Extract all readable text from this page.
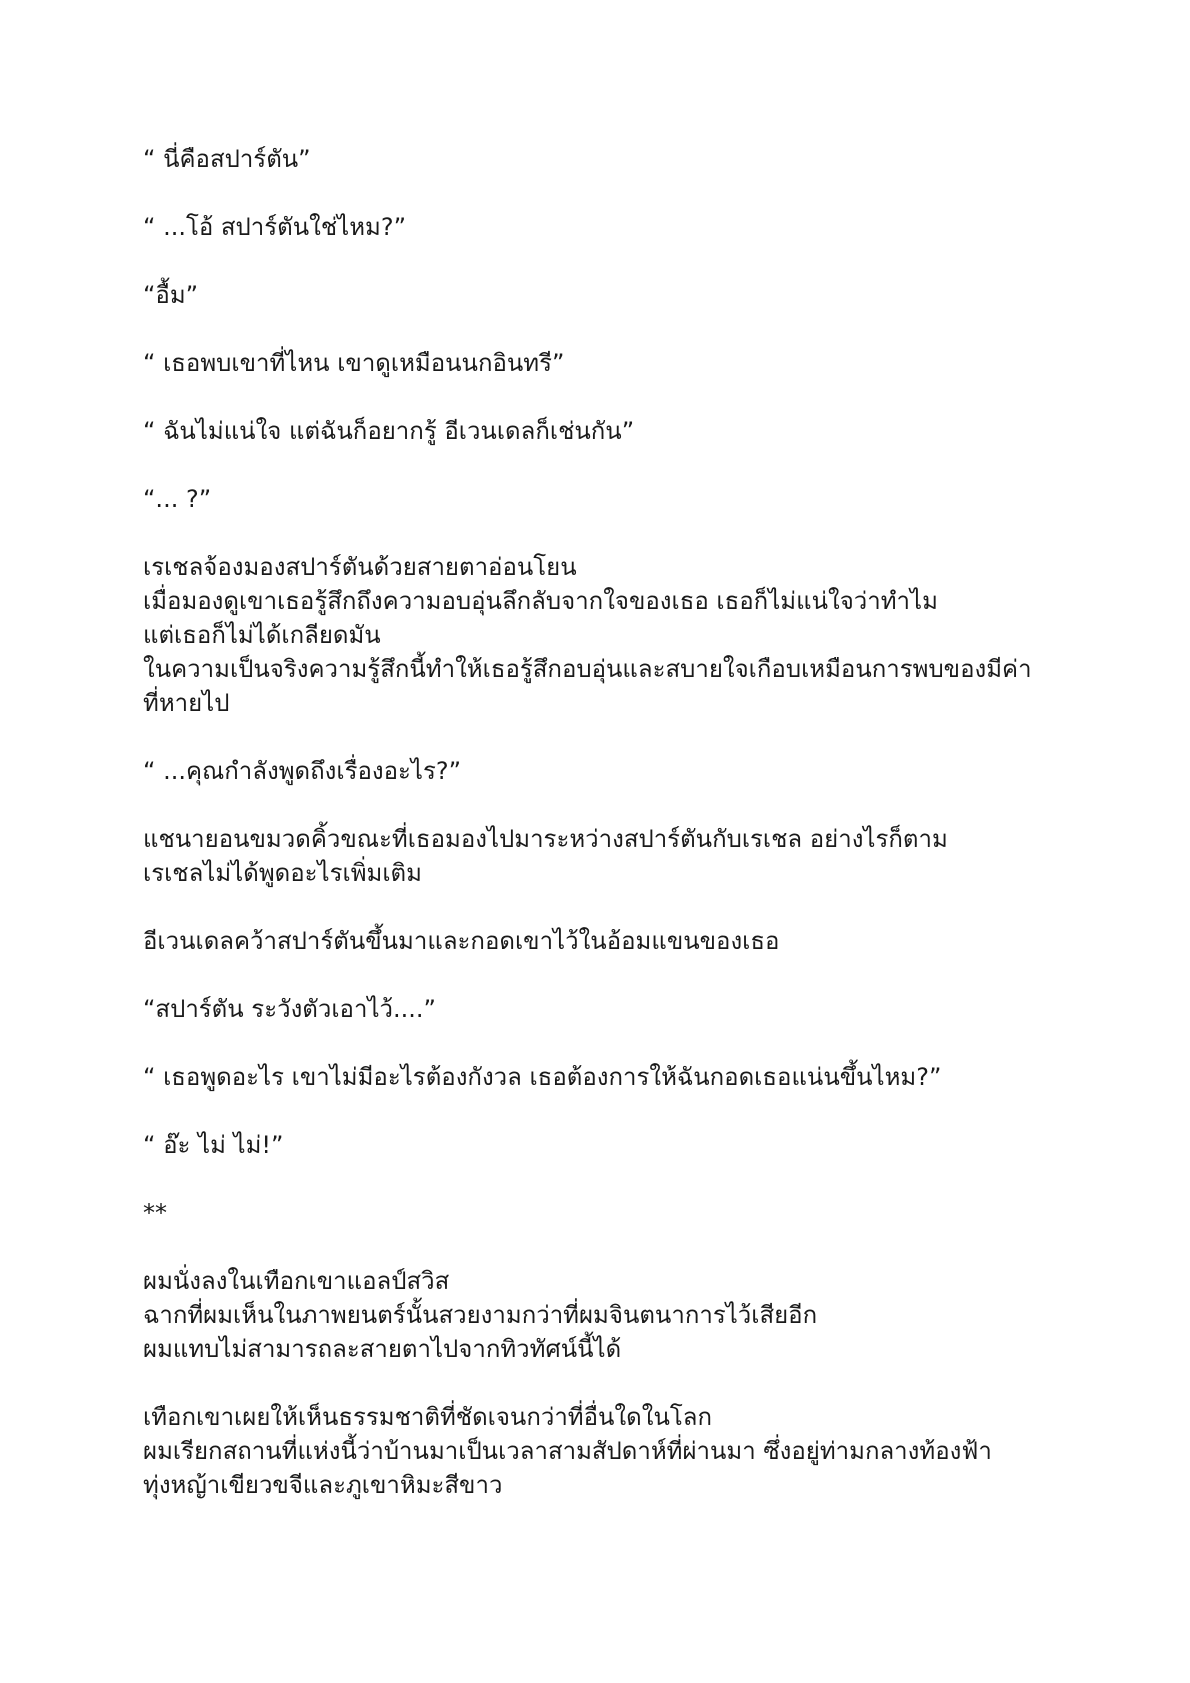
“ นี่คือสปาร์ตัน”

“ ...โอ้ สปาร์ตันใช่ไหม?”

“อื้ม”

“ เธอพบเขาที่ไหน เขาดูเหมือนนกอินทรี”

“ ฉันไม่แน่ใจ แต่ฉันก็อยากรู้ อีเวนเดลก็เช่นกัน”

“... ?”

เรเชลจ้องมองสปาร์ตันด้วยสายตาอ่อนโยน
เมื่อมองดูเขาเธอรู้สึกถึงความอบอุ่นลึกลับจากใจของเธอ เธอก็ไม่แน่ใจว่าทำไม
แต่เธอก็ไม่ได้เกลียดมัน
ในความเป็นจริงความรู้สึกนี้ทำให้เธอรู้สึกอบอุ่นและสบายใจเกือบเหมือนการพบของมีค่า
ที่หายไป

“ ...คุณกำลังพูดถึงเรื่องอะไร?”

แชนายอนขมวดคิ้วขณะที่เธอมองไปมาระหว่างสปาร์ตันกับเรเชล อย่างไรก็ตาม
เรเชลไม่ได้พูดอะไรเพิ่มเติม

อีเวนเดลคว้าสปาร์ตันขึ้นมาและกอดเขาไว้ในอ้อมแขนของเธอ

“สปาร์ตัน ระวังตัวเอาไว้....”

“ เธอพูดอะไร เขาไม่มีอะไรต้องกังวล เธอต้องการให้ฉันกอดเธอแน่นขึ้นไหม?”

“ อ๊ะ ไม่ ไม่!”

**

ผมนั่งลงในเทือกเขาแอลป์สวิส
ฉากที่ผมเห็นในภาพยนตร์นั้นสวยงามกว่าที่ผมจินตนาการไว้เสียอีก
ผมแทบไม่สามารถละสายตาไปจากทิวทัศน์นี้ได้

เทือกเขาเผยให้เห็นธรรมชาติที่ชัดเจนกว่าที่อื่นใดในโลก
ผมเรียกสถานที่แห่งนี้ว่าบ้านมาเป็นเวลาสามสัปดาห์ที่ผ่านมา ซึ่งอยู่ท่ามกลางท้องฟ้า
ทุ่งหญ้าเขียวขจีและภูเขาหิมะสีขาว
